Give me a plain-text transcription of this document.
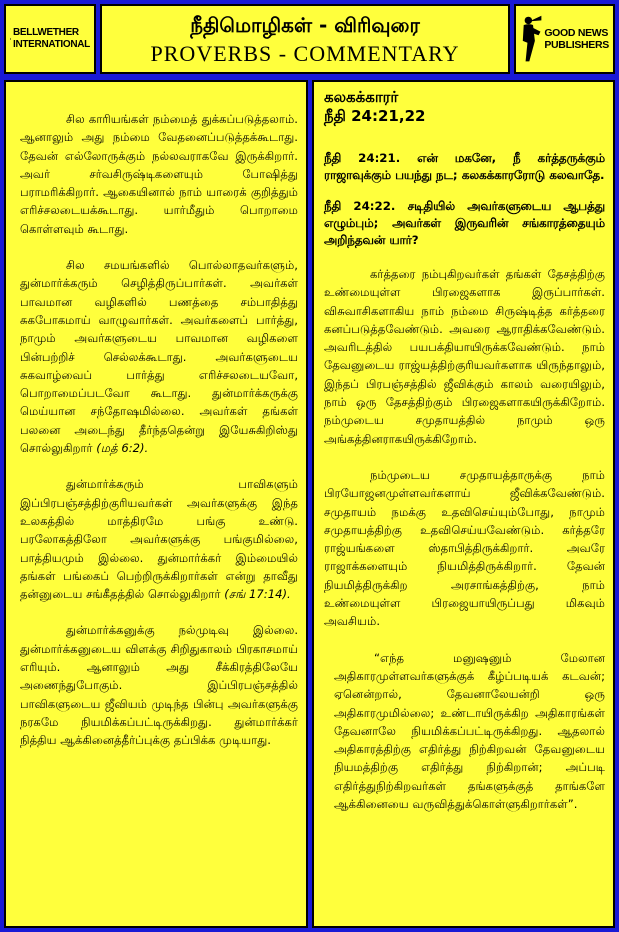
BELLWETHER
INTERNATIONAL
நீதிமொழிகள் - விரிவுரை
PROVERBS - COMMENTARY
GOOD NEWS
PUBLISHERS

சில காரியங்கள் நம்மைத் துக்கப்படுத்தலாம். ஆனாலும் அது நம்மை வேதனைப்படுத்தக்கூடாது. தேவன் எல்லோருக்கும் நல்லவராகவே இருக்கிறார். அவர் சர்வசிருஷ்டிகளையும் போஷித்து பராமரிக்கிறார். ஆகையினால் நாம் யாரைக் குறித்தும் எரிச்சலடையக்கூடாது. யார்மீதும் பொறாமை கொள்ளவும் கூடாது.

சில சமயங்களில் பொல்லாதவர்களும், துன்மார்க்கரும் செழித்திருப்பார்கள். அவர்கள் பாவமான வழிகளில் பணத்தை சம்பாதித்து சுகபோகமாய் வாழுவார்கள். அவர்களைப் பார்த்து, நாமும் அவர்களுடைய பாவமான வழிகளை பின்பற்றிச் செல்லக்கூடாது. அவர்களுடைய சுகவாழ்வைப் பார்த்து எரிச்சலடையவோ, பொறாமைப்படவோ கூடாது. துன்மார்க்கருக்கு மெய்யான சந்தோஷமில்லை. அவர்கள் தங்கள் பலனை அடைந்து தீர்ந்ததென்று இயேசுகிறிஸ்து சொல்லுகிறார் (மத் 6:2).

துன்மார்க்கரும் பாவிகளும் இப்பிரபஞ்சத்திற்குரியவர்கள் அவர்களுக்கு இந்த உலகத்தில் மாத்திரமே பங்கு உண்டு. பரலோகத்திலோ அவர்களுக்கு பங்குமில்லை, பாத்தியமும் இல்லை. துன்மார்க்கர் இம்மையில் தங்கள் பங்கைப் பெற்றிருக்கிறார்கள் என்று தாவீது தன்னுடைய சங்கீதத்தில் சொல்லுகிறார் (சங் 17:14).

துன்மார்க்கனுக்கு நல்முடிவு இல்லை. துன்மார்க்கனுடைய விளக்கு சிறிதுகாலம் பிரகாசமாய் எரியும். ஆனாலும் அது சீக்கிரத்திலேயே அணைந்துபோகும். இப்பிரபஞ்சத்தில் பாவிகளுடைய ஜீவியம் முடிந்த பின்பு அவர்களுக்கு நரகமே நியமிக்கப்பட்டிருக்கிறது. துன்மார்க்கர் நித்திய ஆக்கினைத்தீர்ப்புக்கு தப்பிக்க முடியாது.

கலகக்காரர்
நீதி 24:21,22
நீதி 24:21. என் மகனே, நீ கர்த்தருக்கும் ராஜாவுக்கும் பயந்து நட; கலகக்காரரோடு கலவாதே.
நீதி 24:22. சடிதியில் அவர்களுடைய ஆபத்து எழும்பும்; அவர்கள் இருவரின் சங்காரத்தையும் அறிந்தவன் யார்?

கர்த்தரை நம்புகிறவர்கள் தங்கள் தேசத்திற்கு உண்மையுள்ள பிரஜைகளாக இருப்பார்கள். விசுவாசிகளாகிய நாம் நம்மை சிருஷ்டித்த கர்த்தரை கனப்படுத்தவேண்டும். அவரை ஆராதிக்கவேண்டும். அவரிடத்தில் பயபக்தியாயிருக்கவேண்டும். நாம் தேவனுடைய ராஜ்யத்திற்குரியவர்களாக யிருந்தாலும், இந்தப் பிரபஞ்சத்தில் ஜீவிக்கும் காலம் வரையிலும், நாம் ஒரு தேசத்திற்கும் பிரஜைகளாகயிருக்கிறோம். நம்முடைய சமுதாயத்தில் நாமும் ஒரு அங்கத்தினராகயிருக்கிறோம்.

நம்முடைய சமுதாயத்தாருக்கு நாம் பிரயோஜனமுள்ளவர்களாய் ஜீவிக்கவேண்டும். சமுதாயம் நமக்கு உதவிசெய்யும்போது, நாமும் சமுதாயத்திற்கு உதவிசெய்யவேண்டும். கர்த்தரே ராஜ்யங்களை ஸ்தாபித்திருக்கிறார். அவரே ராஜாக்களையும் நியமித்திருக்கிறார். தேவன் நியமித்திருக்கிற அரசாங்கத்திற்கு, நாம் உண்மையுள்ள பிரஜையாயிருப்பது மிகவும் அவசியம்.

“எந்த மனுஷனும் மேலான அதிகாரமுள்ளவர்களுக்குக் கீழ்ப்படியக் கடவன்; ஏனென்றால், தேவனாலேயன்றி ஒரு அதிகாரமுமில்லை; உண்டாயிருக்கிற அதிகாரங்கள் தேவனாலே நியமிக்கப்பட்டிருக்கிறது. ஆதலால் அதிகாரத்திற்கு எதிர்த்து நிற்கிறவன் தேவனுடைய நியமத்திற்கு எதிர்த்து நிற்கிறான்; அப்படி எதிர்த்துநிற்கிறவர்கள் தங்களுக்குத் தாங்களே ஆக்கினையை வருவித்துக்கொள்ளுகிறார்கள்”.
